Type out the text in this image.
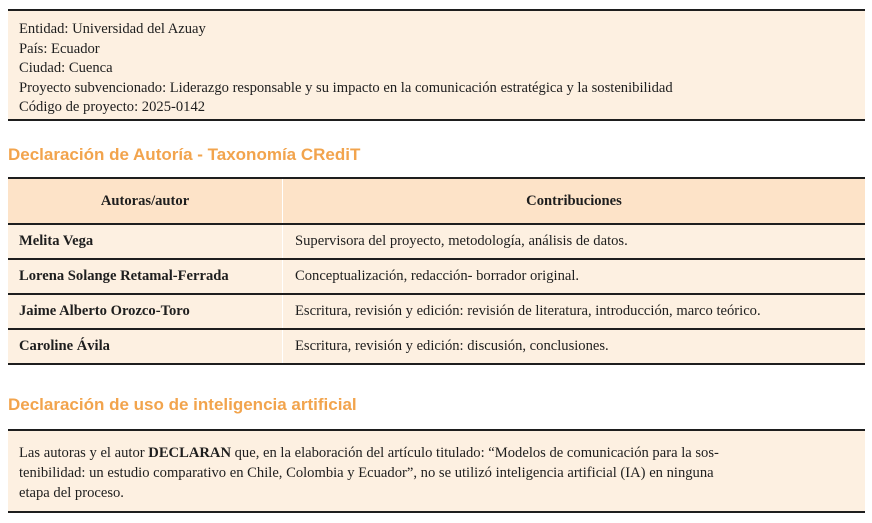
Entidad: Universidad del Azuay
País: Ecuador
Ciudad: Cuenca
Proyecto subvencionado: Liderazgo responsable y su impacto en la comunicación estratégica y la sostenibilidad
Código de proyecto: 2025-0142
Declaración de Autoría - Taxonomía CRediT
Autoras/autor	Contribuciones
Melita Vega	Supervisora del proyecto, metodología, análisis de datos.
Lorena Solange Retamal-Ferrada	Conceptualización, redacción- borrador original.
Jaime Alberto Orozco-Toro	Escritura, revisión y edición: revisión de literatura, introducción, marco teórico.
Caroline Ávila	Escritura, revisión y edición: discusión, conclusiones.
Declaración de uso de inteligencia artificial
Las autoras y el autor DECLARAN que, en la elaboración del artículo titulado: “Modelos de comunicación para la sos-
tenibilidad: un estudio comparativo en Chile, Colombia y Ecuador”, no se utilizó inteligencia artificial (IA) en ninguna
etapa del proceso.
